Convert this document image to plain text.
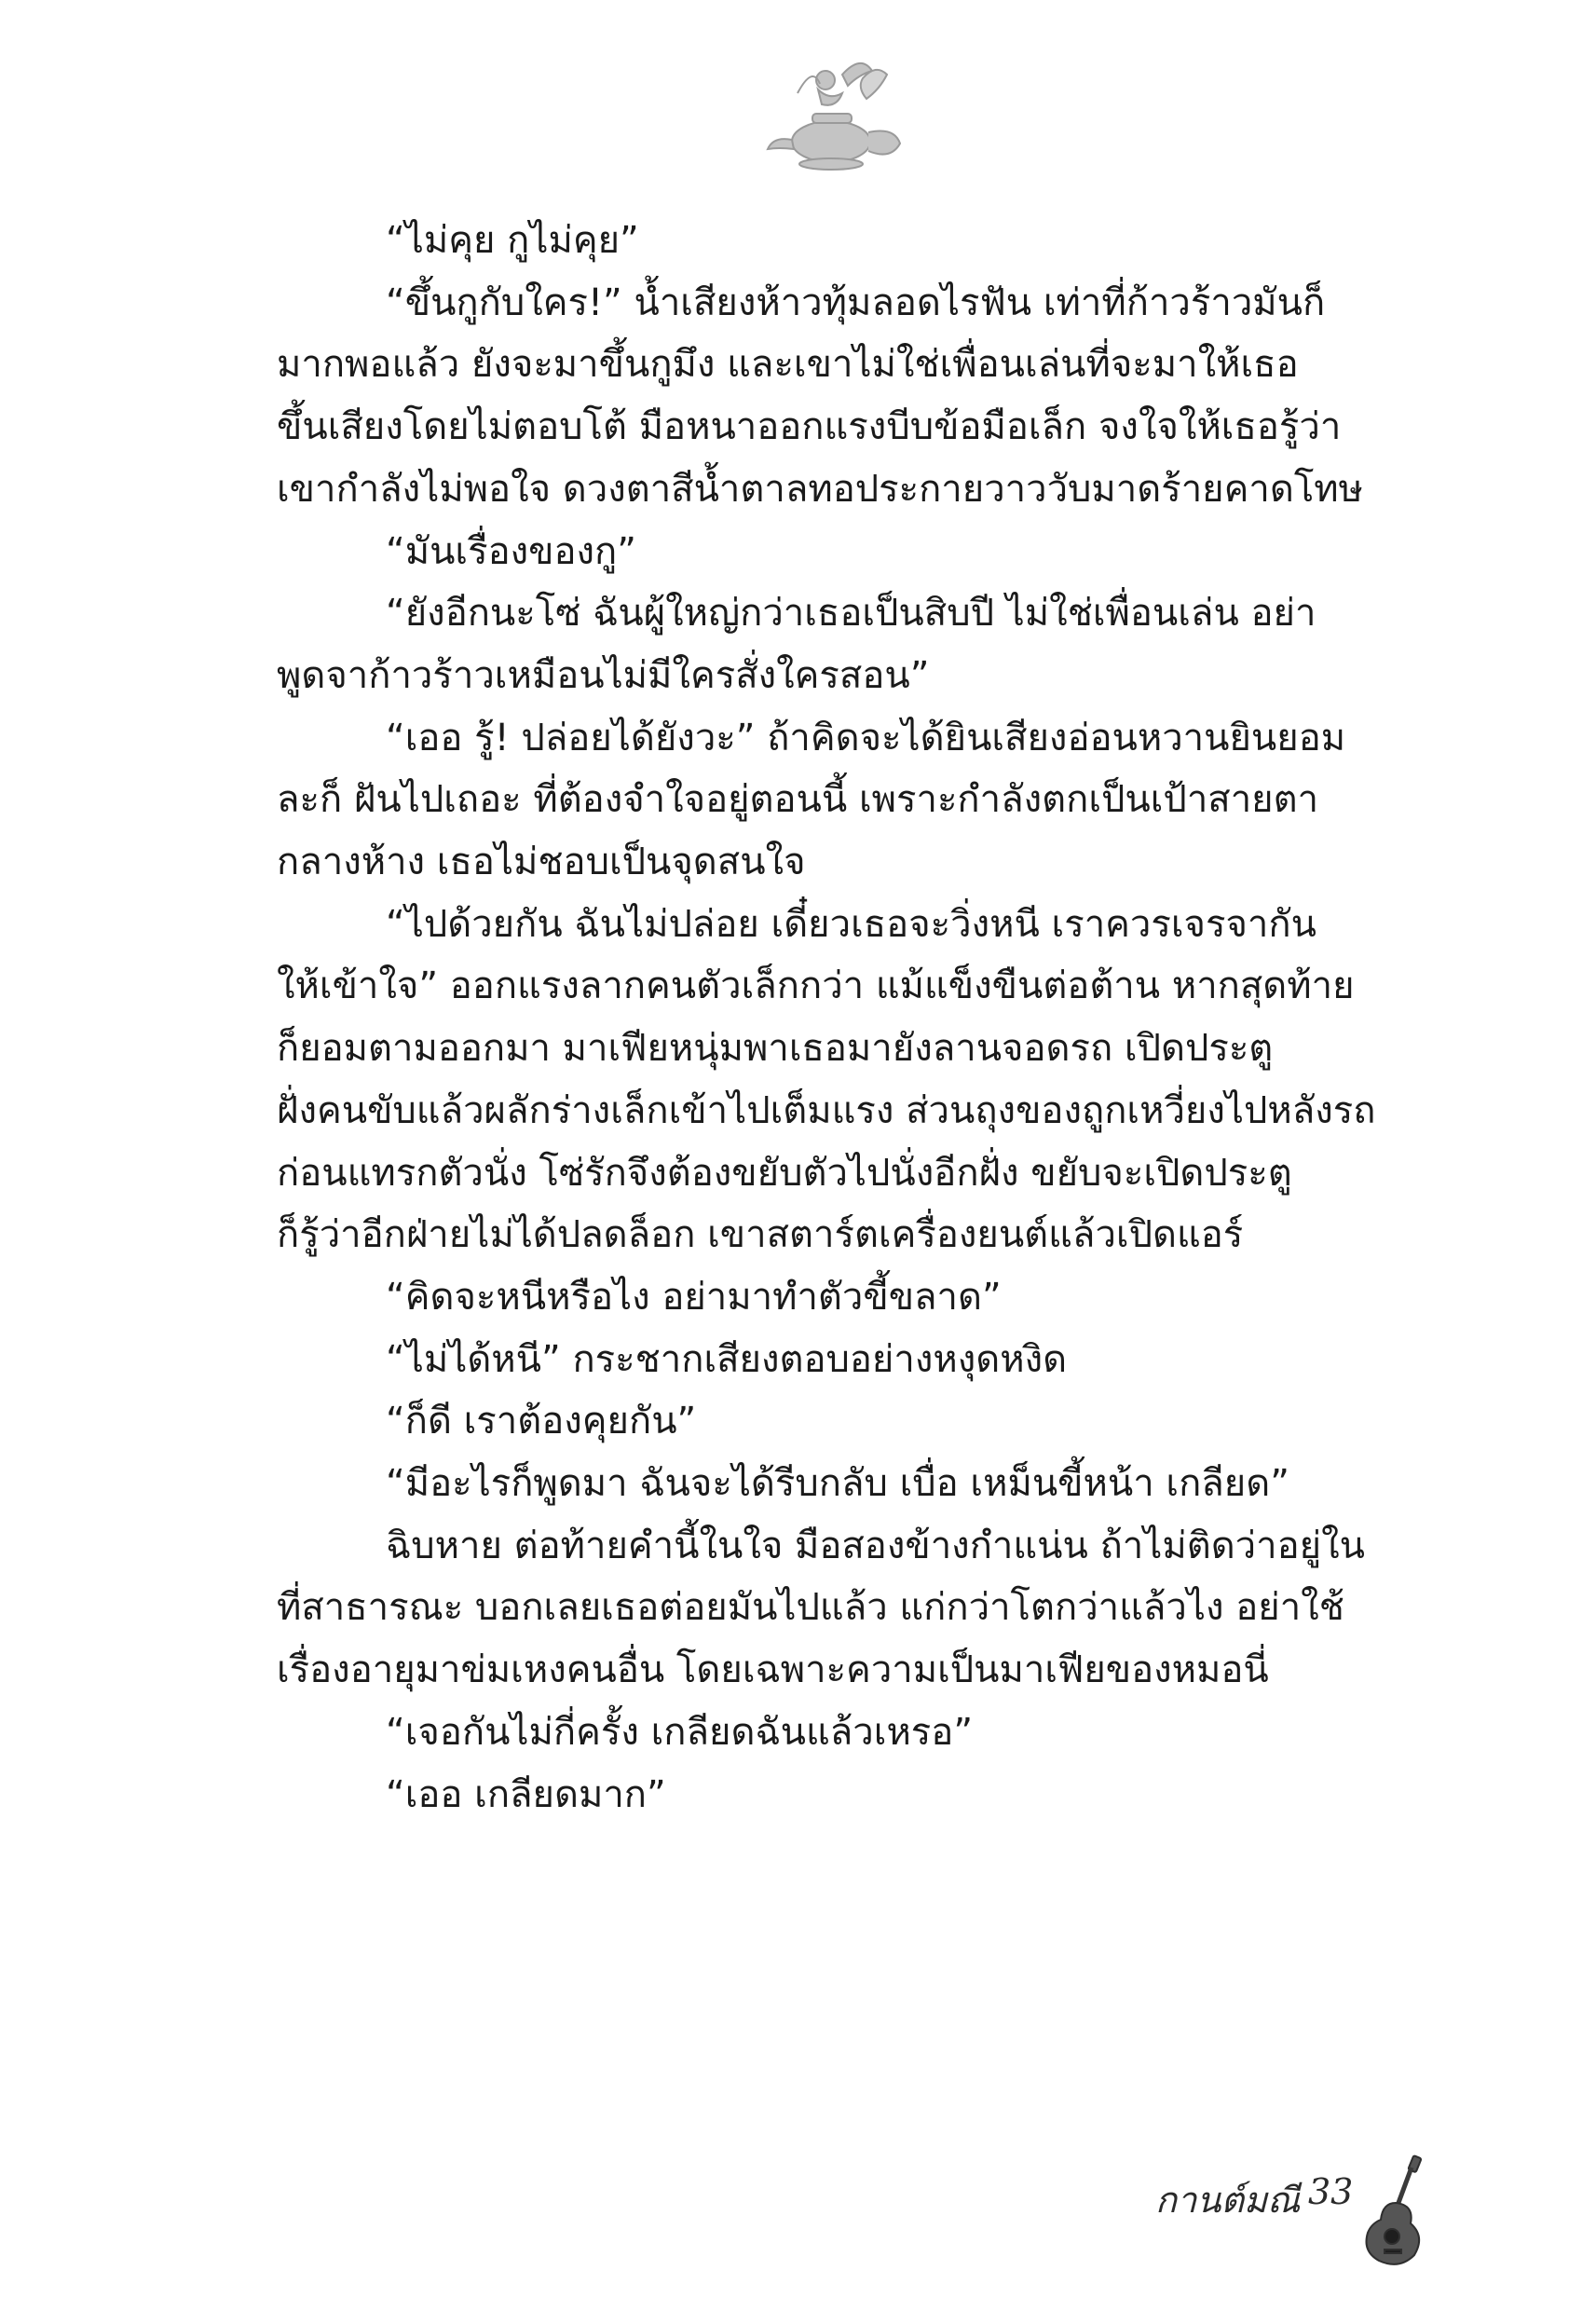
“ไม่คุย กูไม่คุย”

“ขึ้นกูกับใคร!” น้ำเสียงห้าวทุ้มลอดไรฟัน เท่าที่ก้าวร้าวมันก็

มากพอแล้ว ยังจะมาขึ้นกูมึง และเขาไม่ใช่เพื่อนเล่นที่จะมาให้เธอ

ขึ้นเสียงโดยไม่ตอบโต้ มือหนาออกแรงบีบข้อมือเล็ก จงใจให้เธอรู้ว่า

เขากำลังไม่พอใจ ดวงตาสีน้ำตาลทอประกายวาววับมาดร้ายคาดโทษ

“มันเรื่องของกู”

“ยังอีกนะโซ่ ฉันผู้ใหญ่กว่าเธอเป็นสิบปี ไม่ใช่เพื่อนเล่น อย่า

พูดจาก้าวร้าวเหมือนไม่มีใครสั่งใครสอน”

“เออ รู้! ปล่อยได้ยังวะ” ถ้าคิดจะได้ยินเสียงอ่อนหวานยินยอม

ละก็ ฝันไปเถอะ ที่ต้องจำใจอยู่ตอนนี้ เพราะกำลังตกเป็นเป้าสายตา

กลางห้าง เธอไม่ชอบเป็นจุดสนใจ

“ไปด้วยกัน ฉันไม่ปล่อย เดี๋ยวเธอจะวิ่งหนี เราควรเจรจากัน

ให้เข้าใจ” ออกแรงลากคนตัวเล็กกว่า แม้แข็งขืนต่อต้าน หากสุดท้าย

ก็ยอมตามออกมา มาเฟียหนุ่มพาเธอมายังลานจอดรถ เปิดประตู

ฝั่งคนขับแล้วผลักร่างเล็กเข้าไปเต็มแรง ส่วนถุงของถูกเหวี่ยงไปหลังรถ

ก่อนแทรกตัวนั่ง โซ่รักจึงต้องขยับตัวไปนั่งอีกฝั่ง ขยับจะเปิดประตู

ก็รู้ว่าอีกฝ่ายไม่ได้ปลดล็อก เขาสตาร์ตเครื่องยนต์แล้วเปิดแอร์

“คิดจะหนีหรือไง อย่ามาทำตัวขี้ขลาด”

“ไม่ได้หนี” กระชากเสียงตอบอย่างหงุดหงิด

“ก็ดี เราต้องคุยกัน”

“มีอะไรก็พูดมา ฉันจะได้รีบกลับ เบื่อ เหม็นขี้หน้า เกลียด”

ฉิบหาย ต่อท้ายคำนี้ในใจ มือสองข้างกำแน่น ถ้าไม่ติดว่าอยู่ใน

ที่สาธารณะ บอกเลยเธอต่อยมันไปแล้ว แก่กว่าโตกว่าแล้วไง อย่าใช้

เรื่องอายุมาข่มเหงคนอื่น โดยเฉพาะความเป็นมาเฟียของหมอนี่

“เจอกันไม่กี่ครั้ง เกลียดฉันแล้วเหรอ”

“เออ เกลียดมาก”

กานต์มณี 33
